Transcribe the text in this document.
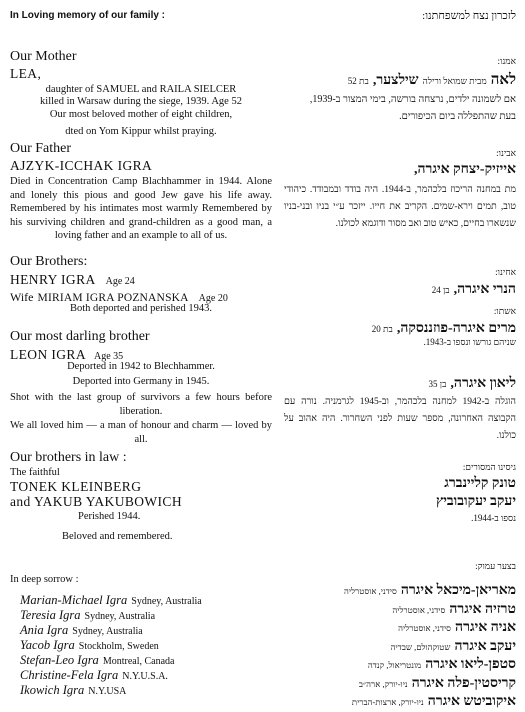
In Loving memory of our family :
Our Mother
LEA,
daughter of SAMUEL and RAILA SIELCER
killed in Warsaw during the siege, 1939. Age 52
Our most beloved mother of eight children,
dted on Yom Kippur whilst praying.
Our Father
AJZYK-ICCHAK IGRA
Died in Concentration Camp Blachhammer in 1944. Alone and lonely this pious and good Jew gave his life away. Remembered by his intimates most warmly Remembered by his surviving children and grand-children as a good man, a loving father and an example to all of us.
Our Brothers:
HENRY IGRA Age 24
Wife MIRIAM IGRA POZNANSKA Age 20
Both deported and perished 1943.
Our most darling brother
LEON IGRA Age 35
Deported in 1942 to Blechhammer.
Deported into Germany in 1945.
Shot with the last group of survivors a few hours before liberation.
We all loved him — a man of honour and charm — loved by all.
Our brothers in law :
The faithful
TONEK KLEINBERG
and YAKUB YAKUBOWICH
Perished 1944.
Beloved and remembered.
In deep sorrow :
Marian-Michael Igra Sydney, Australia
Teresia Igra Sydney, Australia
Ania Igra Sydney, Australia
Yacob Igra Stockholm, Sweden
Stefan-Leo Igra Montreal, Canada
Christine-Fela Igra N.Y.U.S.A.
Ikowich Igra N.Y.USA
לזכרון נצח למשפחתנו:
אמנו:
לאה מבית שמואל ורילה שילצער, בת 52
אם לשמונה ילדים, נרצחה בורשה, בימי המצור ב-1939,
בעת שהתפללה ביום הכיפורים.
אבינו:
אייזיק-יצחק איגרה,
מת במחנה הריכוז בלכהמר, ב-1944. היה בודד ובמבודד. כיהודי טוב, תמים וירא-שמים. הקריב את חייו. ייזכר ע״י בניו ובני-בניו שנשארו בחיים, כאיש טוב ואב מסור ודוגמא לכולנו.
אחינו:
הנרי איגרה, בן 24
אשתו:
מרים איגרה-פוזננסקה, בת 20
שניהם גורשו ונספו ב-1943.
ליאון איגרה, בן 35
הוגלה ב-1942 למחנה בלכהמר, וב-1945 לגרמניה. נורה עם הקבוצה האחרונה, מספר שעות לפני השחרור. היה אהוב על כולנו.
גיסינו המסורים:
טונק קליינברג
יעקב יעקובוביץ
נספו ב-1944.
בצער עמוק:
מאריאן-מיכאל איגרהסידני, אוסטרליה
טרזיה איגרהסידני, אוסטרליה
אניה איגרהסידני, אוסטרליה
יעקב איגרהשטוקהולם, שבדיה
סטפן-ליאו איגרהמונטריאול, קנדה
קריסטין-פלה איגרהניו-יורק, ארה״ב
איקוביטש איגרהניו-יורק, ארצות-הברית
